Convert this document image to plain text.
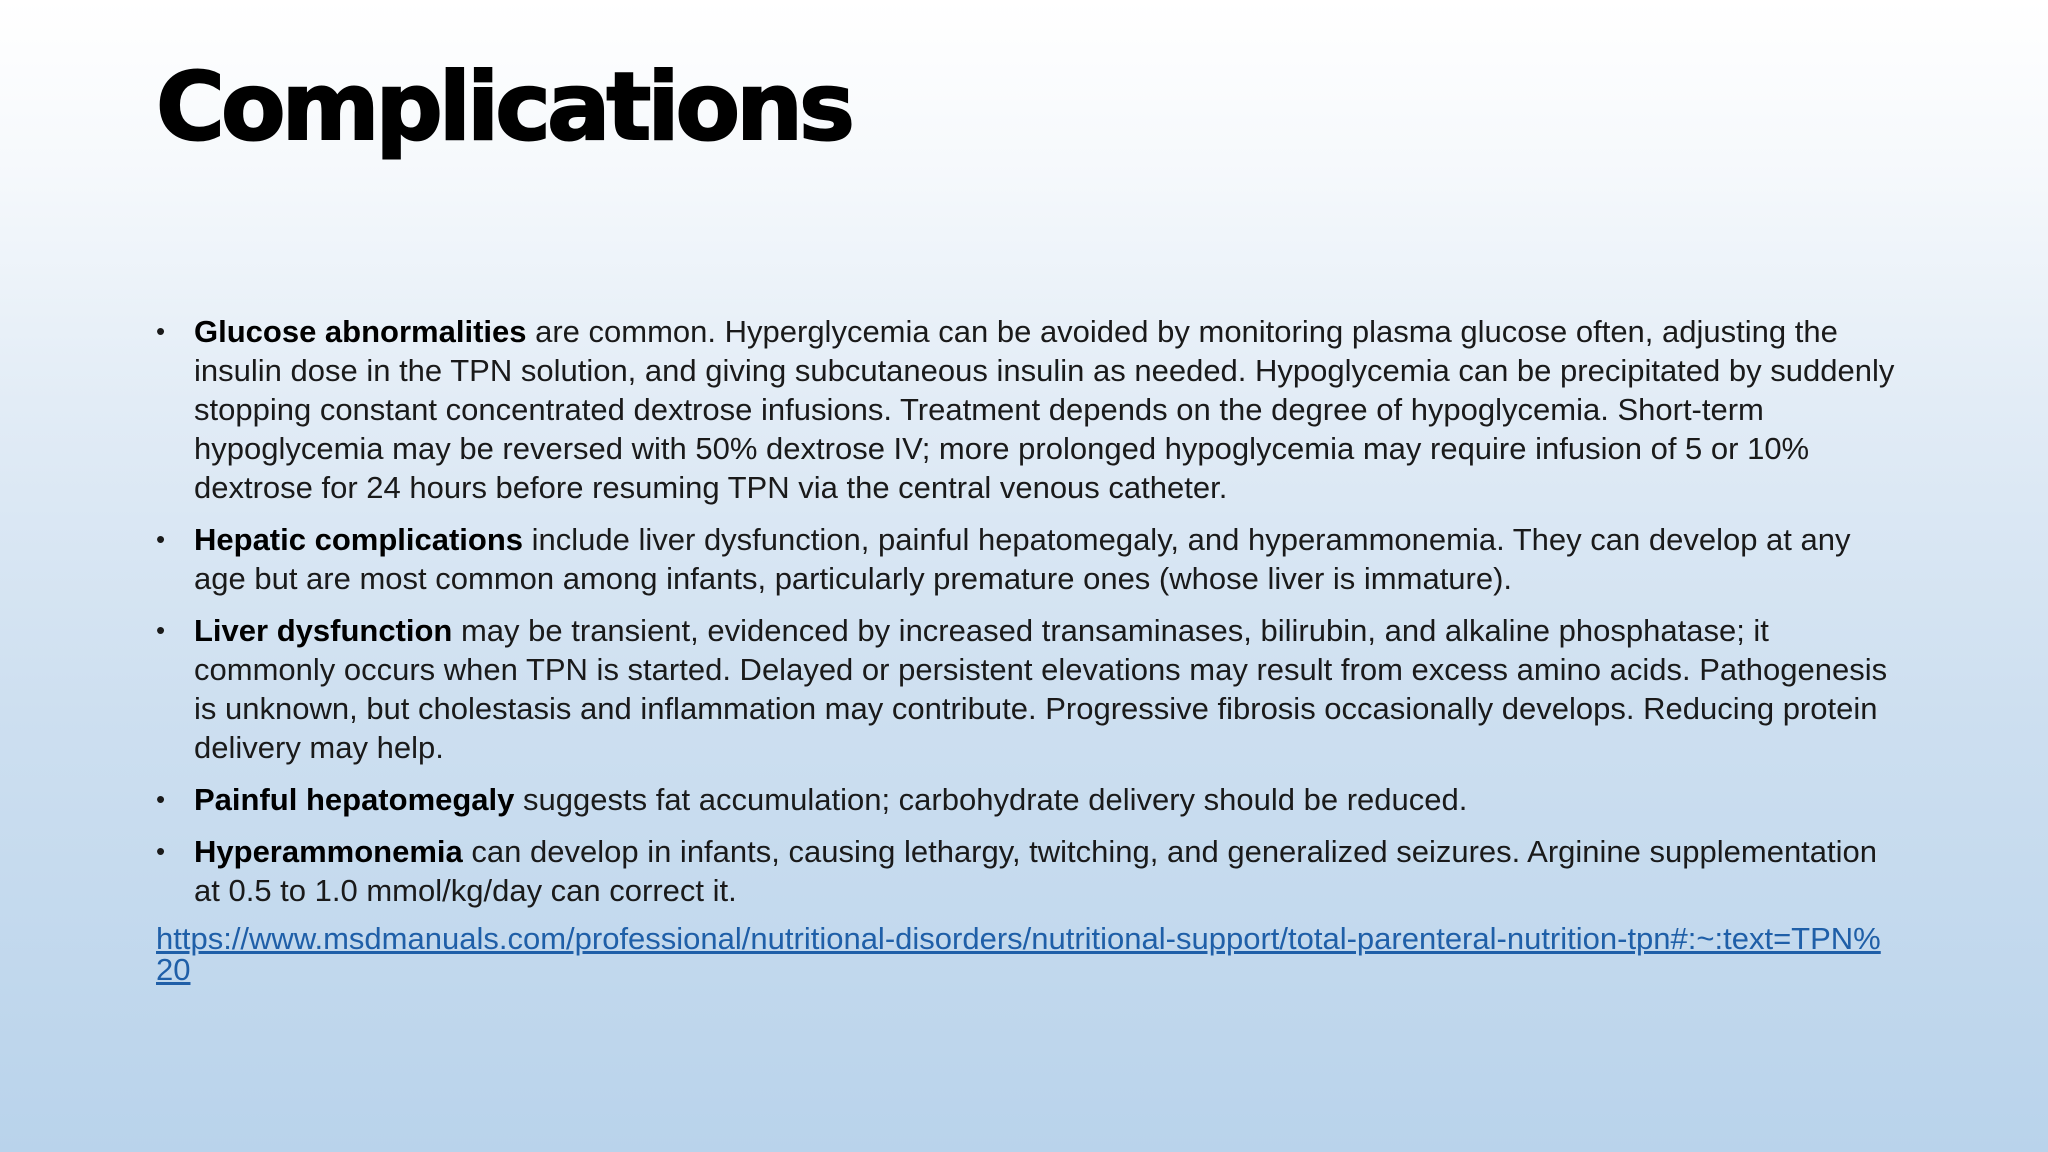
Complications
• Glucose abnormalities are common. Hyperglycemia can be avoided by monitoring plasma glucose often, adjusting the insulin dose in the TPN solution, and giving subcutaneous insulin as needed. Hypoglycemia can be precipitated by suddenly stopping constant concentrated dextrose infusions. Treatment depends on the degree of hypoglycemia. Short-term hypoglycemia may be reversed with 50% dextrose IV; more prolonged hypoglycemia may require infusion of 5 or 10% dextrose for 24 hours before resuming TPN via the central venous catheter.
• Hepatic complications include liver dysfunction, painful hepatomegaly, and hyperammonemia. They can develop at any age but are most common among infants, particularly premature ones (whose liver is immature).
• Liver dysfunction may be transient, evidenced by increased transaminases, bilirubin, and alkaline phosphatase; it commonly occurs when TPN is started. Delayed or persistent elevations may result from excess amino acids. Pathogenesis is unknown, but cholestasis and inflammation may contribute. Progressive fibrosis occasionally develops. Reducing protein delivery may help.
• Painful hepatomegaly suggests fat accumulation; carbohydrate delivery should be reduced.
• Hyperammonemia can develop in infants, causing lethargy, twitching, and generalized seizures. Arginine supplementation at 0.5 to 1.0 mmol/kg/day can correct it.
https://www.msdmanuals.com/professional/nutritional-disorders/nutritional-support/total-parenteral-nutrition-tpn#:~:text=TPN%20
